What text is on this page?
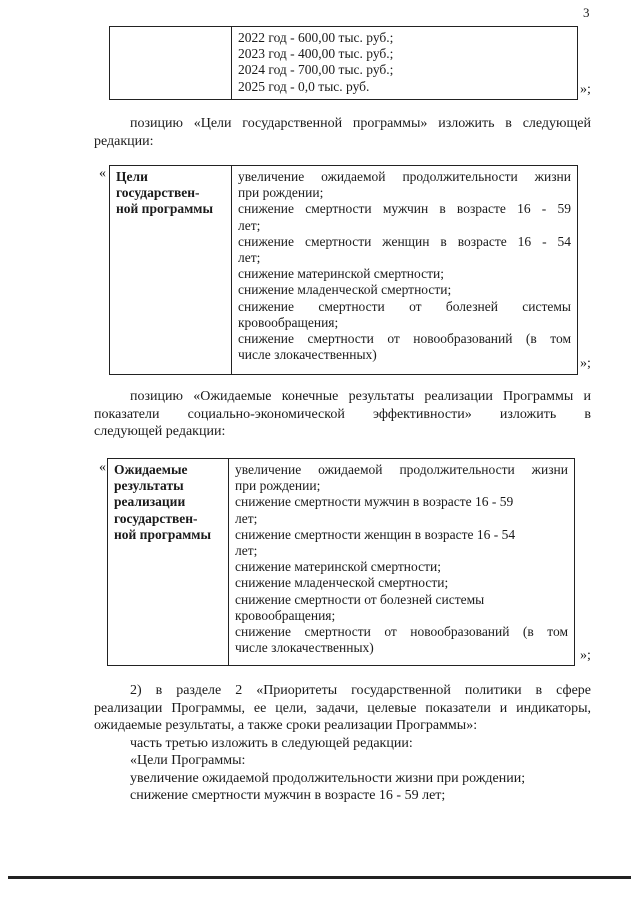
3
2022 год - 600,00 тыс. руб.;
2023 год - 400,00 тыс. руб.;
2024 год - 700,00 тыс. руб.;
2025 год - 0,0 тыс. руб.	»;
позицию «Цели государственной программы» изложить в следующей
редакции:
« Цели
государствен-
ной программы
увеличение ожидаемой продолжительности жизни
при рождении;
снижение смертности мужчин в возрасте 16 - 59
лет;
снижение смертности женщин в возрасте 16 - 54
лет;
снижение материнской смертности;
снижение младенческой смертности;
снижение смертности от болезней системы
кровообращения;
снижение смертности от новообразований (в том
числе злокачественных)
»;
позицию «Ожидаемые конечные результаты реализации Программы и
показатели социально-экономической эффективности» изложить в
следующей редакции:
« Ожидаемые
результаты
реализации
государствен-
ной программы
увеличение ожидаемой продолжительности жизни
при рождении;
снижение смертности мужчин в возрасте 16 - 59
лет;
снижение смертности женщин в возрасте 16 - 54
лет;
снижение материнской смертности;
снижение младенческой смертности;
снижение смертности от болезней системы
кровообращения;
снижение смертности от новообразований (в том
числе злокачественных)
»;
2) в разделе 2 «Приоритеты государственной политики в сфере
реализации Программы, ее цели, задачи, целевые показатели и индикаторы,
ожидаемые результаты, а также сроки реализации Программы»:
часть третью изложить в следующей редакции:
«Цели Программы:
увеличение ожидаемой продолжительности жизни при рождении;
снижение смертности мужчин в возрасте 16 - 59 лет;
